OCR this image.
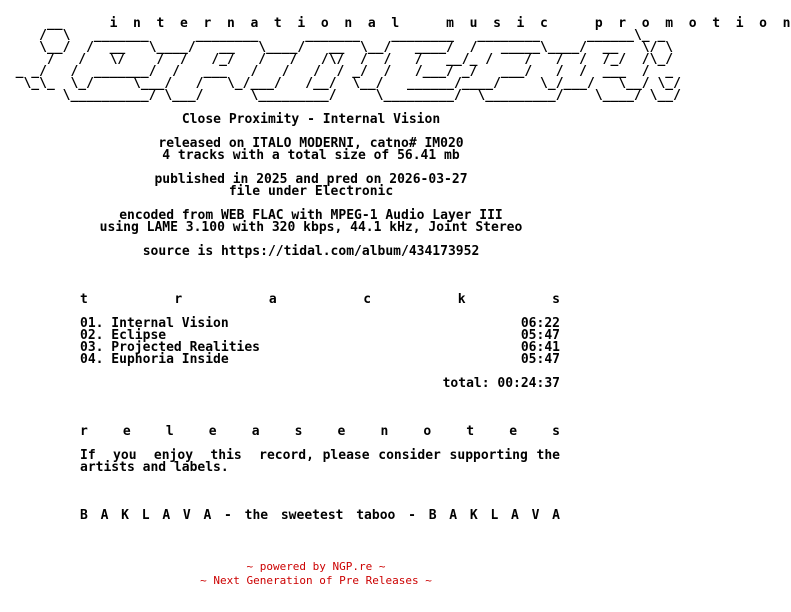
__      i  n  t  e  r  n  a  t  i  o  n  a  l      m  u  s  i  c      p  r  o  m  o  t  i  o  n
/  \   _______      ________      _______    ________   ________      ______\_ _
\__/  /  __   \____/   __   \____/   __  \__/   ____/  /   _____\____/  __   \/ \
/   /   \/    /  /   /_/   /   /   /\/  /  /   /   __/_ /    /   /  /  /_/  /\_/
_ _/   /  _______/  /   ___   /   /   /  / _/  /   /___/ _/   ___/   /  /  ___  /  _
\_\_  \_/     \___/   /   \_/___/   /__/  \__/   ______/____/     \_/___/   \__/ \_/
\__________/ \___/      \_________/     \_________/  \_________/    \____/ \__/

Close Proximity - Internal Vision

released on ITALO MODERNI, catno# IM020
4 tracks with a total size of 56.41 mb

published in 2025 and pred on 2026-03-27
file under Electronic

encoded from WEB FLAC with MPEG-1 Audio Layer III
using LAME 3.100 with 320 kbps, 44.1 kHz, Joint Stereo

source is https://tidal.com/album/434173952

t	r	a	c	k	s

01. Internal Vision	06:22
02. Eclipse	05:47
03. Projected Realities	06:41
04. Euphoria Inside	05:47

total: 00:24:37

r	e	l	e	a	s	e	n	o	t	e	s

If  you  enjoy  this  record, please consider supporting the
artists and labels.

B A K L A V A - the sweetest taboo - B A K L A V A
~ powered by NGP.re ~
~ Next Generation of Pre Releases ~
